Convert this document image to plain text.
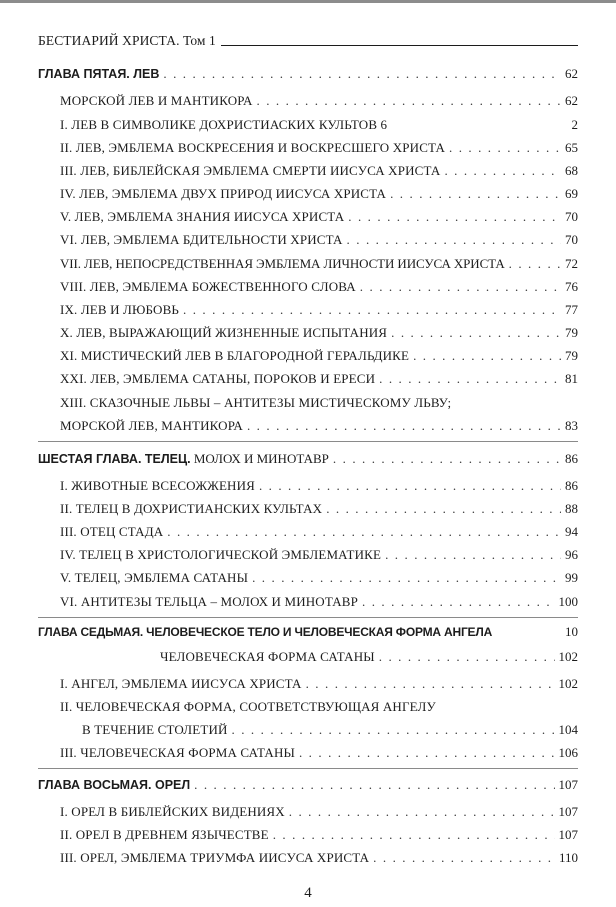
БЕСТИАРИЙ ХРИСТА. Том 1
ГЛАВА ПЯТАЯ. ЛЕВ . . .	62
МОРСКОЙ ЛЕВ И МАНТИКОРА . . .	62
I. ЛЕВ В СИМВОЛИКЕ ДОХРИСТИАСКИХ КУЛЬТОВ 6	2
II. ЛЕВ, ЭМБЛЕМА ВОСКРЕСЕНИЯ И ВОСКРЕСШЕГО ХРИСТА . . .	65
III. ЛЕВ, БИБЛЕЙСКАЯ ЭМБЛЕМА СМЕРТИ ИИСУСА ХРИСТА . . .	68
IV. ЛЕВ, ЭМБЛЕМА ДВУХ ПРИРОД ИИСУСА ХРИСТА . . .	69
V. ЛЕВ, ЭМБЛЕМА ЗНАНИЯ ИИСУСА ХРИСТА . . .	70
VI. ЛЕВ, ЭМБЛЕМА БДИТЕЛЬНОСТИ ХРИСТА . . .	70
VII. ЛЕВ, НЕПОСРЕДСТВЕННАЯ ЭМБЛЕМА ЛИЧНОСТИ ИИСУСА ХРИСТА . . .	72
VIII. ЛЕВ, ЭМБЛЕМА БОЖЕСТВЕННОГО СЛОВА . . .	76
IX. ЛЕВ И ЛЮБОВЬ . . .	77
X. ЛЕВ, ВЫРАЖАЮЩИЙ ЖИЗНЕННЫЕ ИСПЫТАНИЯ . . .	79
XI. МИСТИЧЕСКИЙ ЛЕВ В БЛАГОРОДНОЙ ГЕРАЛЬДИКЕ . . .	79
XXI. ЛЕВ, ЭМБЛЕМА САТАНЫ, ПОРОКОВ И ЕРЕСИ . . .	81
XIII. СКАЗОЧНЫЕ ЛЬВЫ – АНТИТЕЗЫ МИСТИЧЕСКОМУ ЛЬВУ;
МОРСКОЙ ЛЕВ, МАНТИКОРА . . .	83
ШЕСТАЯ ГЛАВА. ТЕЛЕЦ. МОЛОХ И МИНОТАВР . . .	86
I. ЖИВОТНЫЕ ВСЕСОЖЖЕНИЯ . . .	86
II. ТЕЛЕЦ В ДОХРИСТИАНСКИХ КУЛЬТАХ . . .	88
III. ОТЕЦ СТАДА . . .	94
IV. ТЕЛЕЦ В ХРИСТОЛОГИЧЕСКОЙ ЭМБЛЕМАТИКЕ . . .	96
V. ТЕЛЕЦ, ЭМБЛЕМА САТАНЫ . . .	99
VI. АНТИТЕЗЫ ТЕЛЬЦА – МОЛОХ И МИНОТАВР . . .	100
ГЛАВА СЕДЬМАЯ. ЧЕЛОВЕЧЕСКОЕ ТЕЛО И ЧЕЛОВЕЧЕСКАЯ ФОРМА АНГЕЛА	10
ЧЕЛОВЕЧЕСКАЯ ФОРМА САТАНЫ . . .	102
I. АНГЕЛ, ЭМБЛЕМА ИИСУСА ХРИСТА . . .	102
II. ЧЕЛОВЕЧЕСКАЯ ФОРМА, СООТВЕТСТВУЮЩАЯ АНГЕЛУ
В ТЕЧЕНИЕ СТОЛЕТИЙ . . .	104
III. ЧЕЛОВЕЧЕСКАЯ ФОРМА САТАНЫ . . .	106
ГЛАВА ВОСЬМАЯ. ОРЕЛ . . .	107
I. ОРЕЛ В БИБЛЕЙСКИХ ВИДЕНИЯХ . . .	107
II. ОРЕЛ В ДРЕВНЕМ ЯЗЫЧЕСТВЕ . . .	107
III. ОРЕЛ, ЭМБЛЕМА ТРИУМФА ИИСУСА ХРИСТА . . .	110
4
